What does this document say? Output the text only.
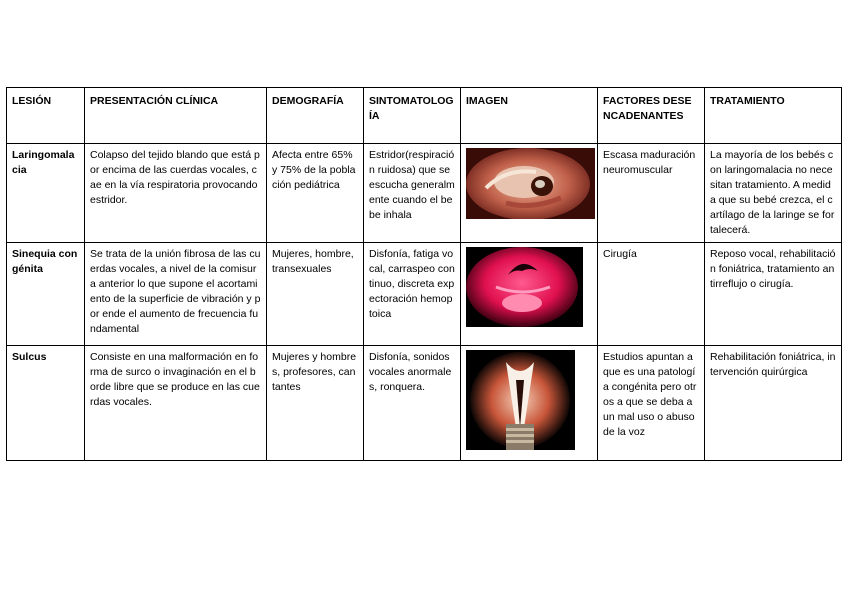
LESIÓN	PRESENTACIÓN CLÍNICA	DEMOGRAFÍA	SINTOMATOLOGÍA	IMAGEN	FACTORES DESENCADENANTES	TRATAMIENTO
Laringomalacia	Colapso del tejido blando que está por encima de las cuerdas vocales, cae en la vía respiratoria provocando estridor.	Afecta entre 65% y 75% de la población pediátrica	Estridor(respiración ruidosa) que se escucha generalmente cuando el bebe inhala		Escasa maduración neuromuscular	La mayoría de los bebés con laringomalacia no necesitan tratamiento. A medida que su bebé crezca, el cartílago de la laringe se fortalecerá.
Sinequia congénita	Se trata de la unión fibrosa de las cuerdas vocales, a nivel de la comisura anterior lo que supone el acortamiento de la superficie de vibración y por ende el aumento de frecuencia fundamental	Mujeres, hombre, transexuales	Disfonía, fatiga vocal, carraspeo continuo, discreta expectoración hemoptoica		Cirugía	Reposo vocal, rehabilitación foniátrica, tratamiento antirreflujo o cirugía.
Sulcus	Consiste en una malformación en forma de surco o invaginación en el borde libre que se produce en las cuerdas vocales.	Mujeres y hombres, profesores, cantantes	Disfonía, sonidos vocales anormales, ronquera.		Estudios apuntan a que es una patología congénita pero otros a que se deba a un mal uso o abuso de la voz	Rehabilitación foniátrica, intervención quirúrgica
